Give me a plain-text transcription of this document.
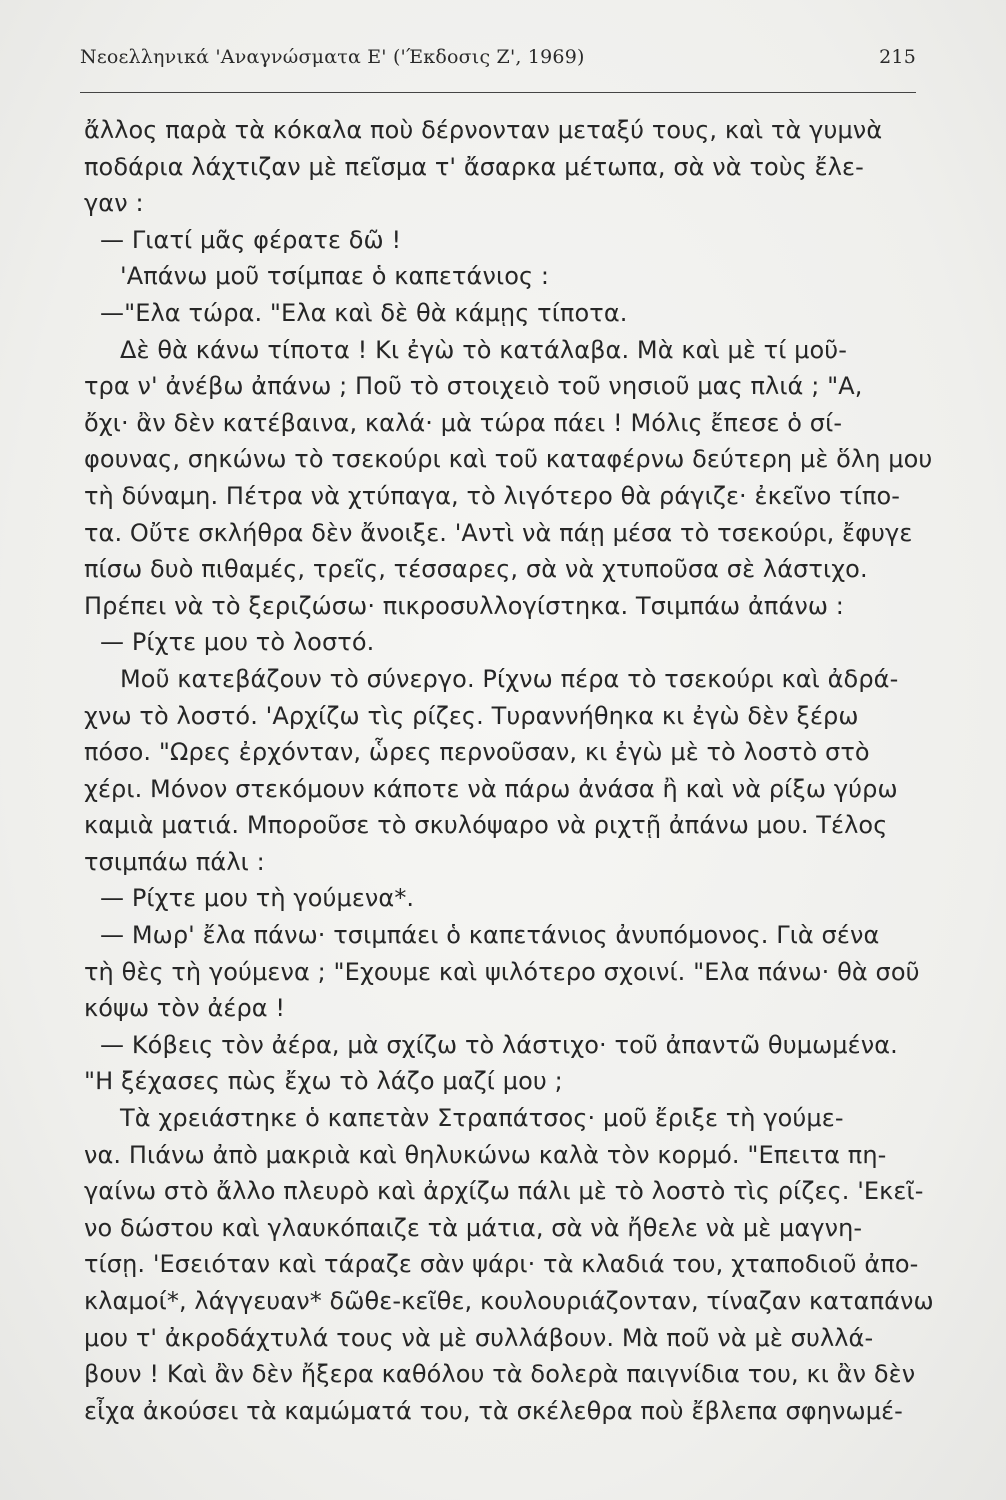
Νεοελληνικά 'Αναγνώσματα Ε' ('Έκδοσις Ζ', 1969)	215
ἄλλος παρὰ τὰ κόκαλα ποὺ δέρνονταν μεταξύ τους, καὶ τὰ γυμνὰ
ποδάρια λάχτιζαν μὲ πεῖσμα τ' ἄσαρκα μέτωπα, σὰ νὰ τοὺς ἔλε-
γαν :
— Γιατί μᾶς φέρατε δῶ !
'Απάνω μοῦ τσίμπαε ὁ καπετάνιος :
—"Ελα τώρα. "Ελα καὶ δὲ θὰ κάμῃς τίποτα.
Δὲ θὰ κάνω τίποτα ! Κι ἐγὼ τὸ κατάλαβα. Μὰ καὶ μὲ τί μοῦ-
τρα ν' ἀνέβω ἀπάνω ; Ποῦ τὸ στοιχειὸ τοῦ νησιοῦ μας πλιά ; "Α,
ὄχι· ἂν δὲν κατέβαινα, καλά· μὰ τώρα πάει ! Μόλις ἔπεσε ὁ σί-
φουνας, σηκώνω τὸ τσεκούρι καὶ τοῦ καταφέρνω δεύτερη μὲ ὅλη μου
τὴ δύναμη. Πέτρα νὰ χτύπαγα, τὸ λιγότερο θὰ ράγιζε· ἐκεῖνο τίπο-
τα. Οὔτε σκλήθρα δὲν ἄνοιξε. 'Αντὶ νὰ πάῃ μέσα τὸ τσεκούρι, ἔφυγε
πίσω δυὸ πιθαμές, τρεῖς, τέσσαρες, σὰ νὰ χτυποῦσα σὲ λάστιχο.
Πρέπει νὰ τὸ ξεριζώσω· πικροσυλλογίστηκα. Τσιμπάω ἀπάνω :
— Ρίχτε μου τὸ λοστό.
Μοῦ κατεβάζουν τὸ σύνεργο. Ρίχνω πέρα τὸ τσεκούρι καὶ ἀδρά-
χνω τὸ λοστό. 'Αρχίζω τὶς ρίζες. Τυραννήθηκα κι ἐγὼ δὲν ξέρω
πόσο. "Ωρες ἐρχόνταν, ὧρες περνοῦσαν, κι ἐγὼ μὲ τὸ λοστὸ στὸ
χέρι. Μόνον στεκόμουν κάποτε νὰ πάρω ἀνάσα ἢ καὶ νὰ ρίξω γύρω
καμιὰ ματιά. Μποροῦσε τὸ σκυλόψαρο νὰ ριχτῇ ἀπάνω μου. Τέλος
τσιμπάω πάλι :
— Ρίχτε μου τὴ γούμενα*.
— Μωρ' ἔλα πάνω· τσιμπάει ὁ καπετάνιος ἀνυπόμονος. Γιὰ σένα
τὴ θὲς τὴ γούμενα ; "Εχουμε καὶ ψιλότερο σχοινί. "Ελα πάνω· θὰ σοῦ
κόψω τὸν ἀέρα !
— Κόβεις τὸν ἀέρα, μὰ σχίζω τὸ λάστιχο· τοῦ ἀπαντῶ θυμωμένα.
"Η ξέχασες πὼς ἔχω τὸ λάζο μαζί μου ;
Τὰ χρειάστηκε ὁ καπετὰν Στραπάτσος· μοῦ ἔριξε τὴ γούμε-
να. Πιάνω ἀπὸ μακριὰ καὶ θηλυκώνω καλὰ τὸν κορμό. "Επειτα πη-
γαίνω στὸ ἄλλο πλευρὸ καὶ ἀρχίζω πάλι μὲ τὸ λοστὸ τὶς ρίζες. 'Εκεῖ-
νο δώστου καὶ γλαυκόπαιζε τὰ μάτια, σὰ νὰ ἤθελε νὰ μὲ μαγνη-
τίσῃ. 'Εσειόταν καὶ τάραζε σὰν ψάρι· τὰ κλαδιά του, χταποδιοῦ ἀπο-
κλαμοί*, λάγγευαν* δῶθε-κεῖθε, κουλουριάζονταν, τίναζαν καταπάνω
μου τ' ἀκροδάχτυλά τους νὰ μὲ συλλάβουν. Μὰ ποῦ νὰ μὲ συλλά-
βουν ! Καὶ ἂν δὲν ἤξερα καθόλου τὰ δολερὰ παιγνίδια του, κι ἂν δὲν
εἶχα ἀκούσει τὰ καμώματά του, τὰ σκέλεθρα ποὺ ἔβλεπα σφηνωμέ-
